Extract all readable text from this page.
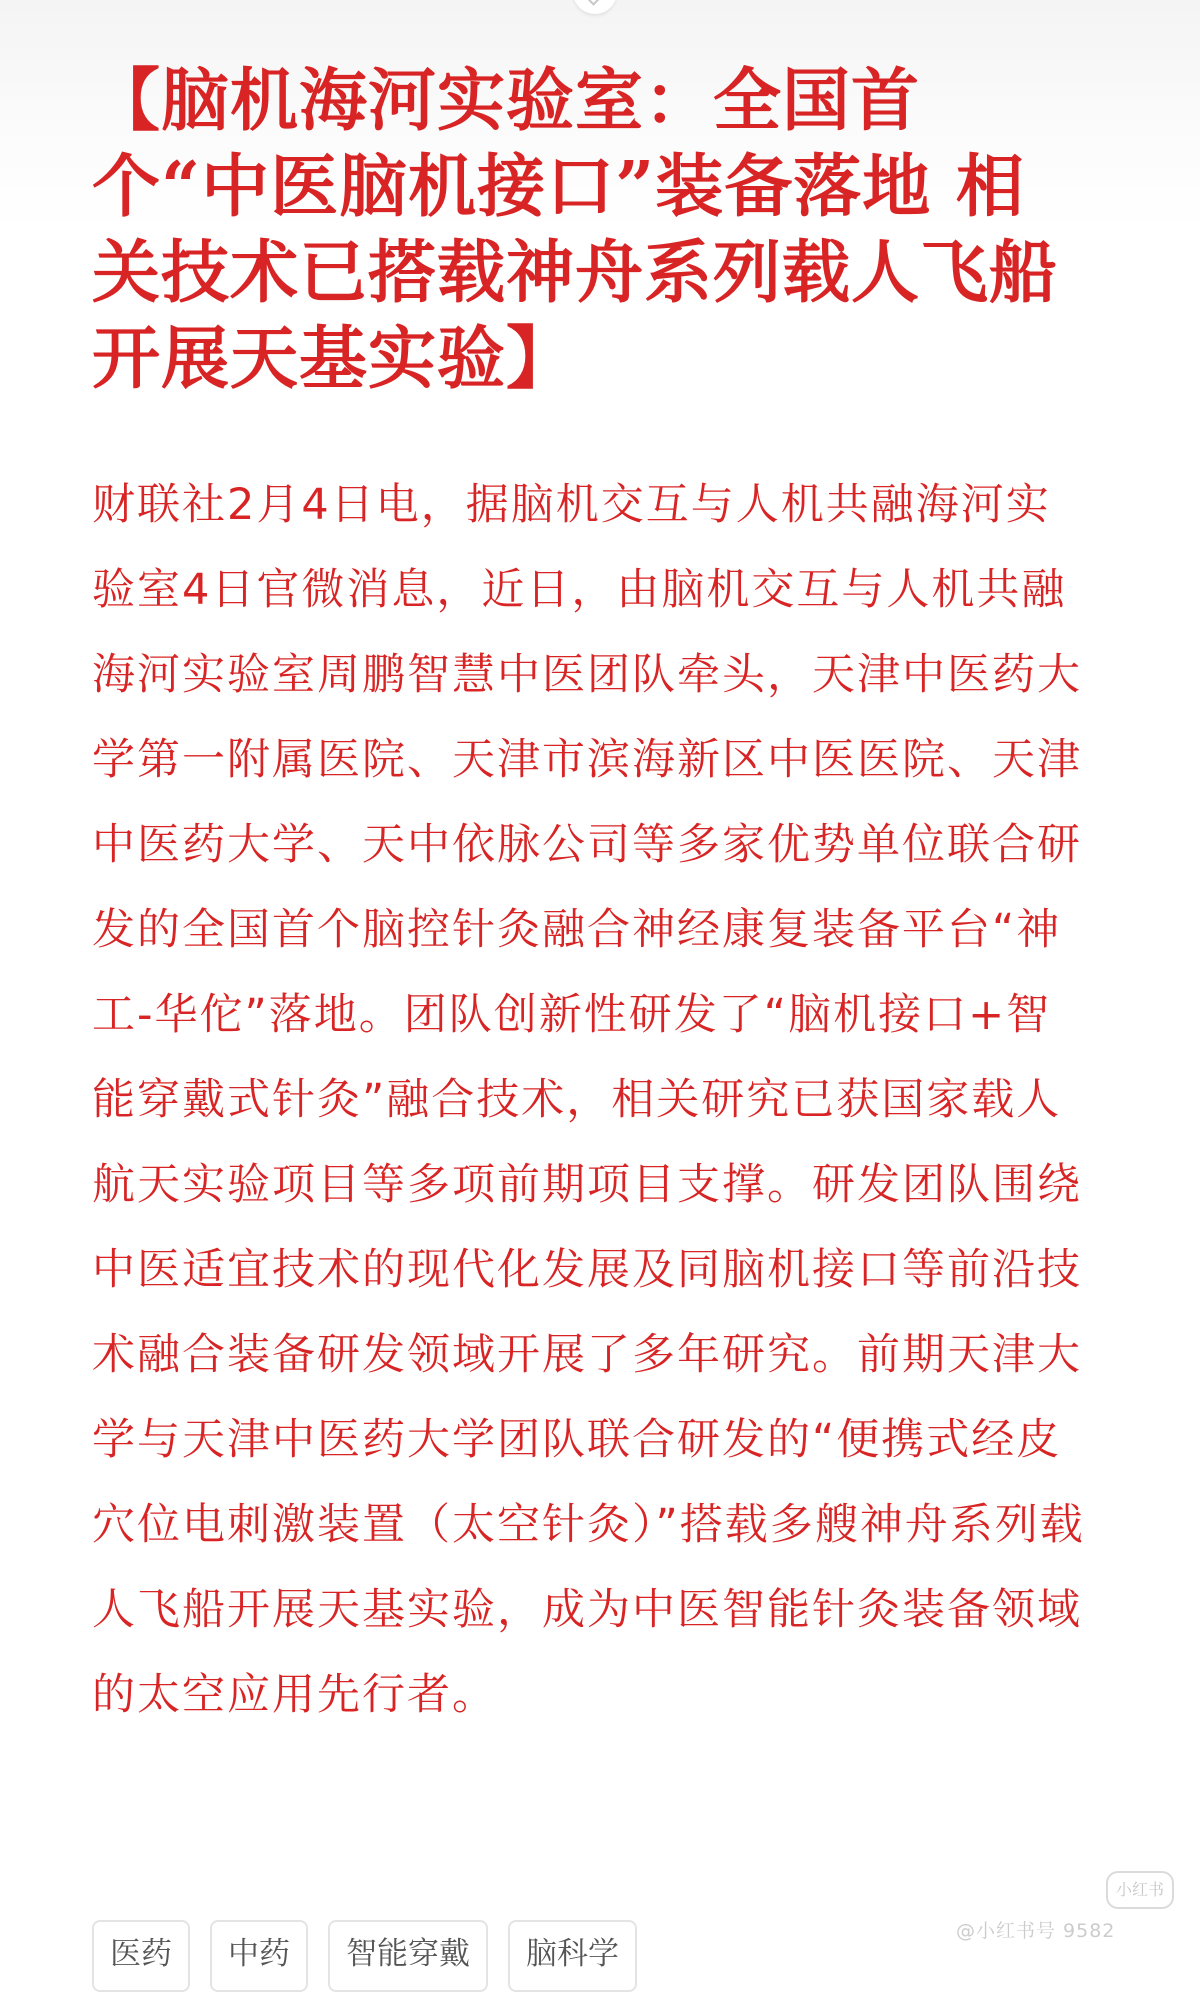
【脑机海河实验室：全国首个“中医脑机接口”装备落地 相关技术已搭载神舟系列载人飞船开展天基实验】

财联社2月4日电，据脑机交互与人机共融海河实验室4日官微消息，近日，由脑机交互与人机共融海河实验室周鹏智慧中医团队牵头，天津中医药大学第一附属医院、天津市滨海新区中医医院、天津中医药大学、天中依脉公司等多家优势单位联合研发的全国首个脑控针灸融合神经康复装备平台“神工-华佗”落地。团队创新性研发了“脑机接口+智能穿戴式针灸”融合技术，相关研究已获国家载人航天实验项目等多项前期项目支撑。研发团队围绕中医适宜技术的现代化发展及同脑机接口等前沿技术融合装备研发领域开展了多年研究。前期天津大学与天津中医药大学团队联合研发的“便携式经皮穴位电刺激装置（太空针灸）”搭载多艘神舟系列载人飞船开展天基实验，成为中医智能针灸装备领域的太空应用先行者。

医药	中药	智能穿戴	脑科学
小红书
@小红书号 9582
